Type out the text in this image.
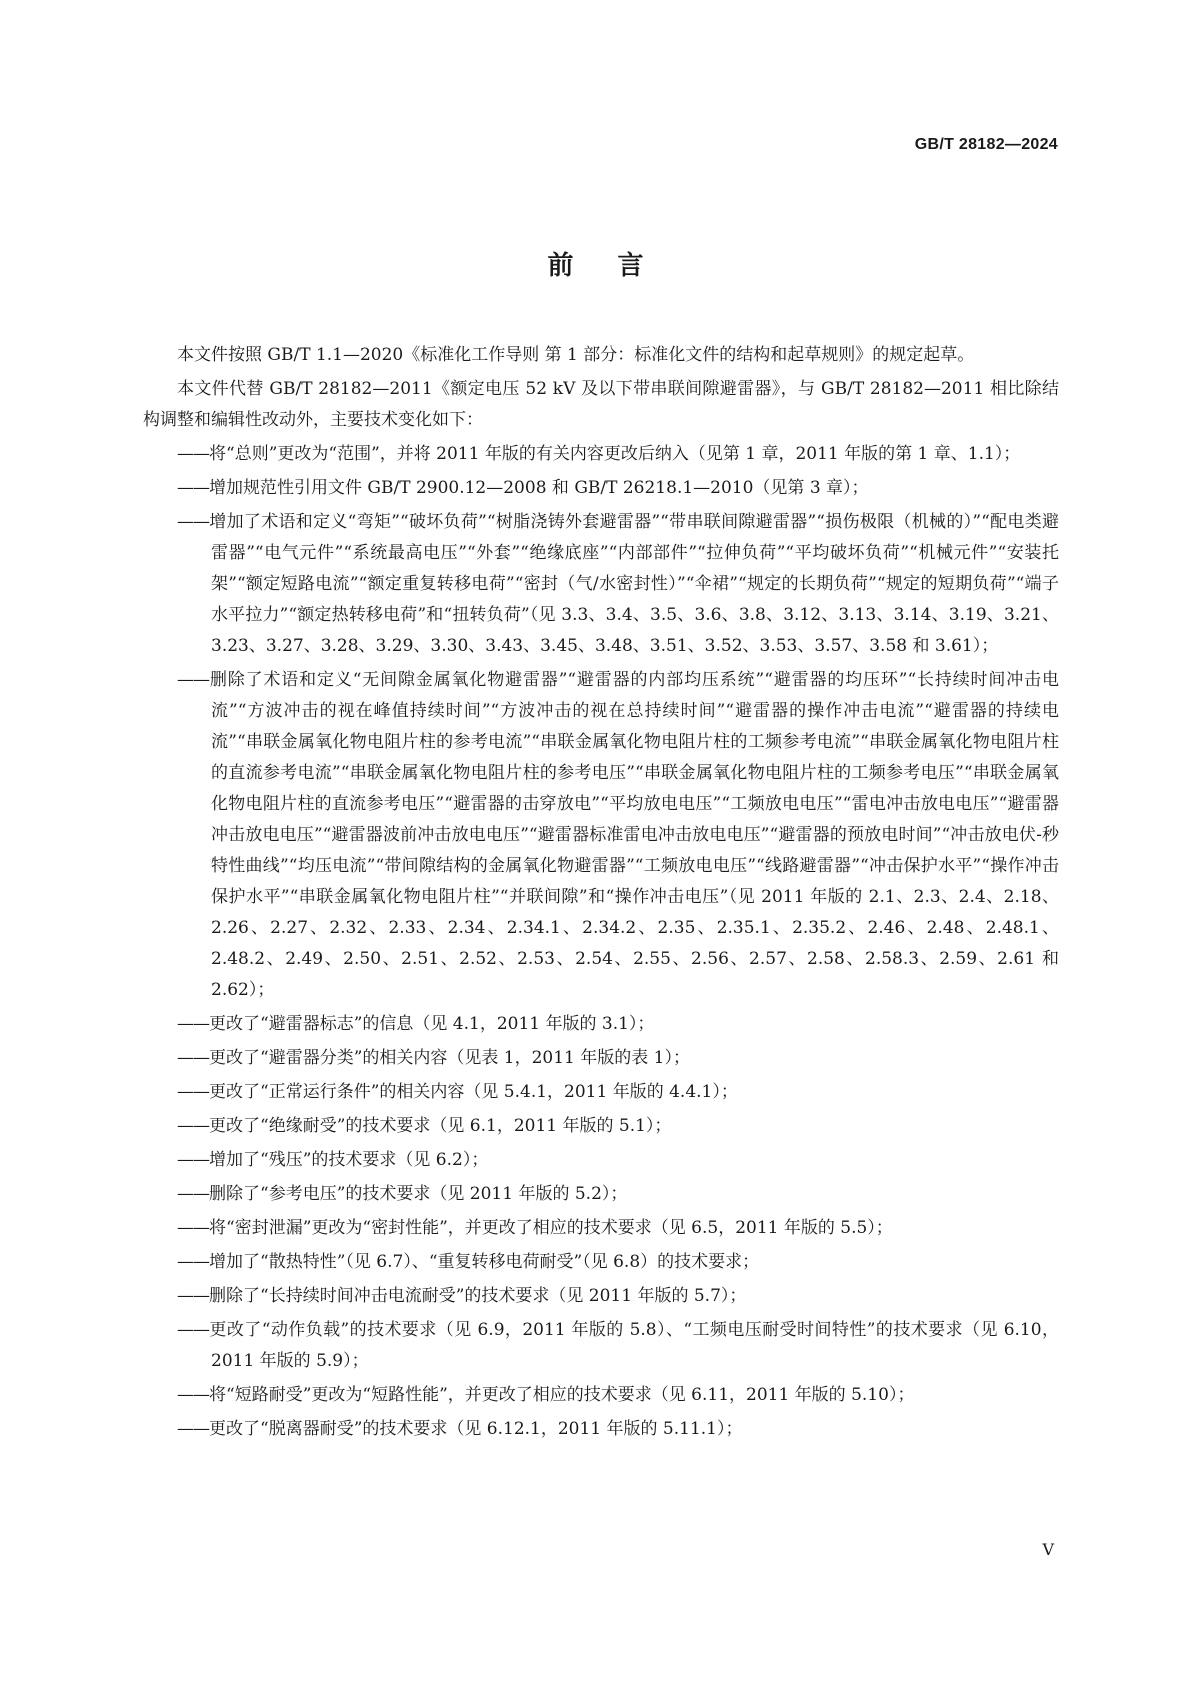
GB/T 28182—2024
前言

本文件按照 GB/T 1.1—2020《标准化工作导则 第 1 部分：标准化文件的结构和起草规则》的规定起草。

本文件代替 GB/T 28182—2011《额定电压 52 kV 及以下带串联间隙避雷器》，与 GB/T 28182—2011 相比除结构调整和编辑性改动外，主要技术变化如下：

——将“总则”更改为“范围”，并将 2011 年版的有关内容更改后纳入（见第 1 章，2011 年版的第 1 章、1.1）；

——增加规范性引用文件 GB/T 2900.12—2008 和 GB/T 26218.1—2010（见第 3 章）；

——增加了术语和定义“弯矩”“破坏负荷”“树脂浇铸外套避雷器”“带串联间隙避雷器”“损伤极限（机械的）”“配电类避雷器”“电气元件”“系统最高电压”“外套”“绝缘底座”“内部部件”“拉伸负荷”“平均破坏负荷”“机械元件”“安装托架”“额定短路电流”“额定重复转移电荷”“密封（气/水密封性）”“伞裙”“规定的长期负荷”“规定的短期负荷”“端子水平拉力”“额定热转移电荷”和“扭转负荷”（见 3.3、3.4、3.5、3.6、3.8、3.12、3.13、3.14、3.19、3.21、3.23、3.27、3.28、3.29、3.30、3.43、3.45、3.48、3.51、3.52、3.53、3.57、3.58 和 3.61）；

——删除了术语和定义“无间隙金属氧化物避雷器”“避雷器的内部均压系统”“避雷器的均压环”“长持续时间冲击电流”“方波冲击的视在峰值持续时间”“方波冲击的视在总持续时间”“避雷器的操作冲击电流”“避雷器的持续电流”“串联金属氧化物电阻片柱的参考电流”“串联金属氧化物电阻片柱的工频参考电流”“串联金属氧化物电阻片柱的直流参考电流”“串联金属氧化物电阻片柱的参考电压”“串联金属氧化物电阻片柱的工频参考电压”“串联金属氧化物电阻片柱的直流参考电压”“避雷器的击穿放电”“平均放电电压”“工频放电电压”“雷电冲击放电电压”“避雷器冲击放电电压”“避雷器波前冲击放电电压”“避雷器标准雷电冲击放电电压”“避雷器的预放电时间”“冲击放电伏-秒特性曲线”“均压电流”“带间隙结构的金属氧化物避雷器”“工频放电电压”“线路避雷器”“冲击保护水平”“操作冲击保护水平”“串联金属氧化物电阻片柱”“并联间隙”和“操作冲击电压”（见 2011 年版的 2.1、2.3、2.4、2.18、2.26、2.27、2.32、2.33、2.34、2.34.1、2.34.2、2.35、2.35.1、2.35.2、2.46、2.48、2.48.1、2.48.2、2.49、2.50、2.51、2.52、2.53、2.54、2.55、2.56、2.57、2.58、2.58.3、2.59、2.61 和 2.62）；

——更改了“避雷器标志”的信息（见 4.1，2011 年版的 3.1）；

——更改了“避雷器分类”的相关内容（见表 1，2011 年版的表 1）；

——更改了“正常运行条件”的相关内容（见 5.4.1，2011 年版的 4.4.1）；

——更改了“绝缘耐受”的技术要求（见 6.1，2011 年版的 5.1）；

——增加了“残压”的技术要求（见 6.2）；

——删除了“参考电压”的技术要求（见 2011 年版的 5.2）；

——将“密封泄漏”更改为“密封性能”，并更改了相应的技术要求（见 6.5，2011 年版的 5.5）；

——增加了“散热特性”（见 6.7）、“重复转移电荷耐受”（见 6.8）的技术要求；

——删除了“长持续时间冲击电流耐受”的技术要求（见 2011 年版的 5.7）；

——更改了“动作负载”的技术要求（见 6.9，2011 年版的 5.8）、“工频电压耐受时间特性”的技术要求（见 6.10，2011 年版的 5.9）；

——将“短路耐受”更改为“短路性能”，并更改了相应的技术要求（见 6.11，2011 年版的 5.10）；

——更改了“脱离器耐受”的技术要求（见 6.12.1，2011 年版的 5.11.1）；

V
